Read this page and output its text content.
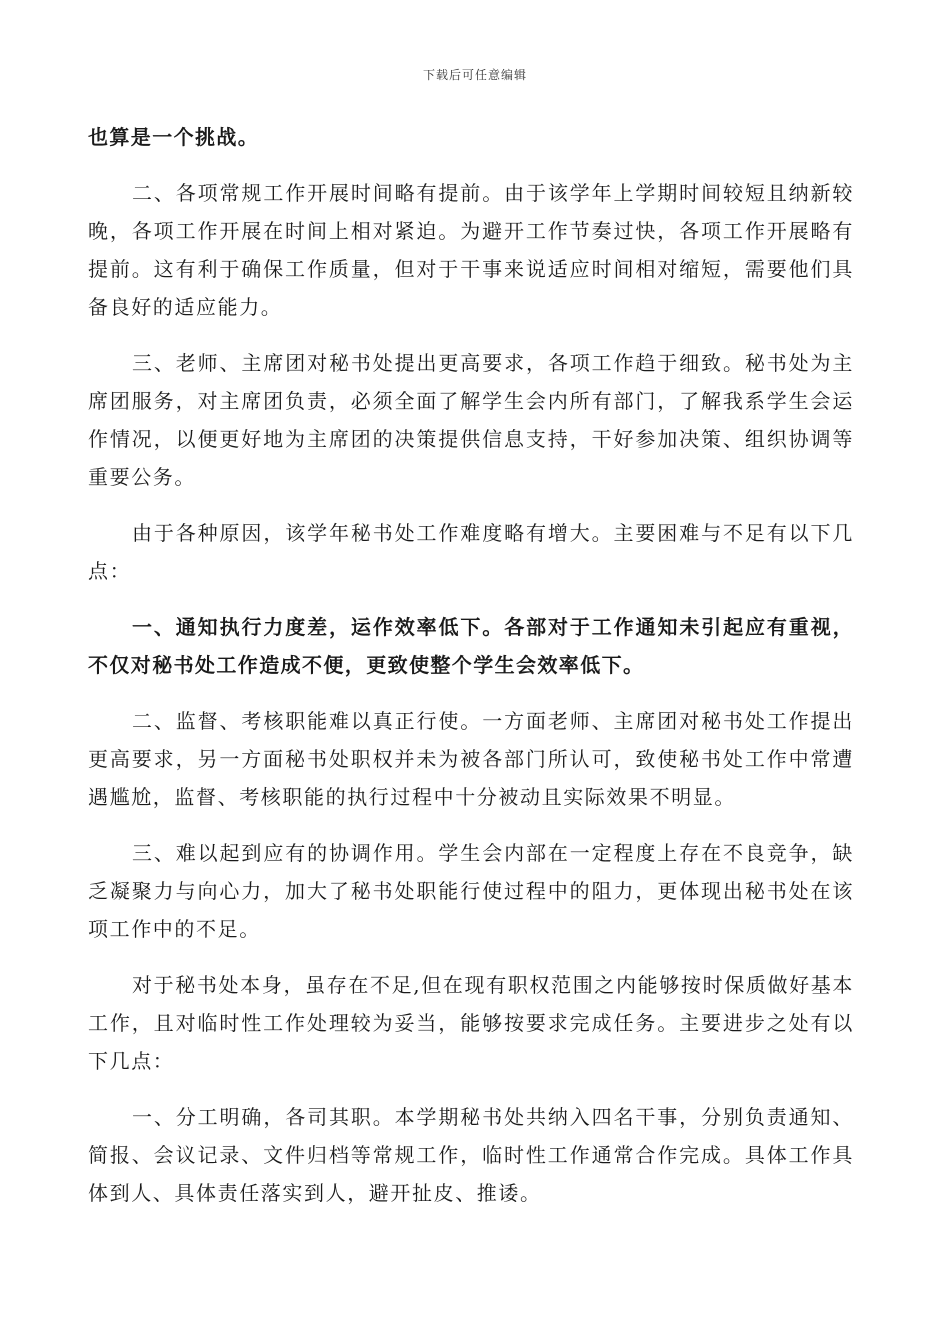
下载后可任意编辑

也算是一个挑战。

二、各项常规工作开展时间略有提前。由于该学年上学期时间较短且纳新较晚，各项工作开展在时间上相对紧迫。为避开工作节奏过快，各项工作开展略有提前。这有利于确保工作质量，但对于干事来说适应时间相对缩短，需要他们具备良好的适应能力。

三、老师、主席团对秘书处提出更高要求，各项工作趋于细致。秘书处为主席团服务，对主席团负责，必须全面了解学生会内所有部门，了解我系学生会运作情况，以便更好地为主席团的决策提供信息支持，干好参加决策、组织协调等重要公务。

由于各种原因，该学年秘书处工作难度略有增大。主要困难与不足有以下几点：

一、通知执行力度差，运作效率低下。各部对于工作通知未引起应有重视，不仅对秘书处工作造成不便，更致使整个学生会效率低下。

二、监督、考核职能难以真正行使。一方面老师、主席团对秘书处工作提出更高要求，另一方面秘书处职权并未为被各部门所认可，致使秘书处工作中常遭遇尴尬，监督、考核职能的执行过程中十分被动且实际效果不明显。

三、难以起到应有的协调作用。学生会内部在一定程度上存在不良竞争，缺乏凝聚力与向心力，加大了秘书处职能行使过程中的阻力，更体现出秘书处在该项工作中的不足。

对于秘书处本身，虽存在不足,但在现有职权范围之内能够按时保质做好基本工作，且对临时性工作处理较为妥当，能够按要求完成任务。主要进步之处有以下几点：

一、分工明确，各司其职。本学期秘书处共纳入四名干事，分别负责通知、简报、会议记录、文件归档等常规工作，临时性工作通常合作完成。具体工作具体到人、具体责任落实到人，避开扯皮、推诿。
